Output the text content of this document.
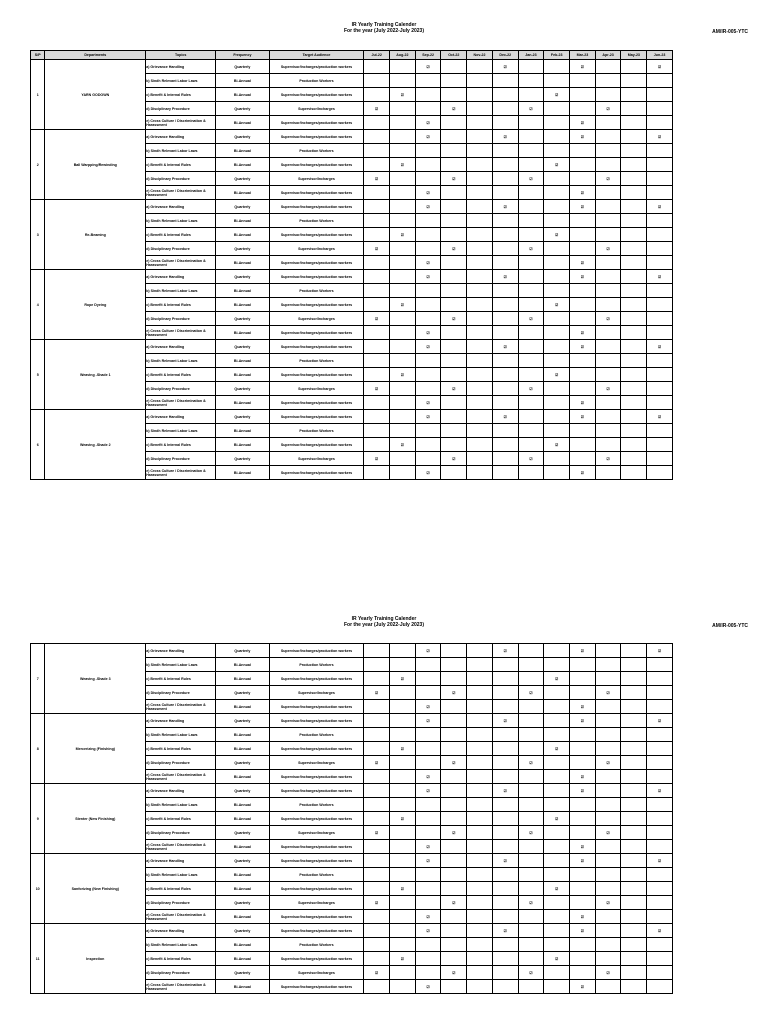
IR Yearly Training Calender
For the year (July 2022-July 2023)	AM/IR-005-YTC
S/P	Departments	Topics	Frequency	Target Audience	Jul-22	Aug-22	Sep-22	Oct-22	Nov-22	Dec-22	Jan-23	Feb-23	Mar-23	Apr-23	May-23	Jun-23
1	YARN GODOWN	a) Grievance Handling	Quarterly	Supervisor/Incharges/production workers			☑			☑			☑			☑
		b) Sindh Relevant Labor Laws	Bi-Annual	Production Workers												
		c) Benefit & Internal Rules	Bi-Annual	Supervisor/Incharges/production workers		☑						☑				
		d) Disciplinary Procedure	Quarterly	Supervisor/Incharges	☑			☑			☑			☑		
		e) Cross Culture / Discrimination & Harassment	Bi-Annual	Supervisor/Incharges/production workers			☑						☑			
2	Ball Warpping/Rewinding	a) Grievance Handling	Quarterly	Supervisor/Incharges/production workers			☑			☑			☑			☑
		b) Sindh Relevant Labor Laws	Bi-Annual	Production Workers												
		c) Benefit & Internal Rules	Bi-Annual	Supervisor/Incharges/production workers		☑						☑				
		d) Disciplinary Procedure	Quarterly	Supervisor/Incharges	☑			☑			☑			☑		
		e) Cross Culture / Discrimination & Harassment	Bi-Annual	Supervisor/Incharges/production workers			☑						☑			
3	Re-Beaming	a) Grievance Handling	Quarterly	Supervisor/Incharges/production workers			☑			☑			☑			☑
		b) Sindh Relevant Labor Laws	Bi-Annual	Production Workers												
		c) Benefit & Internal Rules	Bi-Annual	Supervisor/Incharges/production workers		☑						☑				
		d) Disciplinary Procedure	Quarterly	Supervisor/Incharges	☑			☑			☑			☑		
		e) Cross Culture / Discrimination & Harassment	Bi-Annual	Supervisor/Incharges/production workers			☑						☑			
4	Rope Dyeing	a) Grievance Handling	Quarterly	Supervisor/Incharges/production workers			☑			☑			☑			☑
		b) Sindh Relevant Labor Laws	Bi-Annual	Production Workers												
		c) Benefit & Internal Rules	Bi-Annual	Supervisor/Incharges/production workers		☑						☑				
		d) Disciplinary Procedure	Quarterly	Supervisor/Incharges	☑			☑			☑			☑		
		e) Cross Culture / Discrimination & Harassment	Bi-Annual	Supervisor/Incharges/production workers			☑						☑			
5	Weaving -Shade 1	a) Grievance Handling	Quarterly	Supervisor/Incharges/production workers			☑			☑			☑			☑
		b) Sindh Relevant Labor Laws	Bi-Annual	Production Workers												
		c) Benefit & Internal Rules	Bi-Annual	Supervisor/Incharges/production workers		☑						☑				
		d) Disciplinary Procedure	Quarterly	Supervisor/Incharges	☑			☑			☑			☑		
		e) Cross Culture / Discrimination & Harassment	Bi-Annual	Supervisor/Incharges/production workers			☑						☑			
6	Weaving -Shade 2	a) Grievance Handling	Quarterly	Supervisor/Incharges/production workers			☑			☑			☑			☑
		b) Sindh Relevant Labor Laws	Bi-Annual	Production Workers												
		c) Benefit & Internal Rules	Bi-Annual	Supervisor/Incharges/production workers		☑						☑				
		d) Disciplinary Procedure	Quarterly	Supervisor/Incharges	☑			☑			☑			☑		
		e) Cross Culture / Discrimination & Harassment	Bi-Annual	Supervisor/Incharges/production workers			☑						☑			
IR Yearly Training Calender
For the year (July 2022-July 2023)	AM/IR-005-YTC
7	Weaving -Shade 3	a) Grievance Handling	Quarterly	Supervisor/Incharges/production workers			☑			☑			☑			☑
		b) Sindh Relevant Labor Laws	Bi-Annual	Production Workers												
		c) Benefit & Internal Rules	Bi-Annual	Supervisor/Incharges/production workers		☑						☑				
		d) Disciplinary Procedure	Quarterly	Supervisor/Incharges	☑			☑			☑			☑		
		e) Cross Culture / Discrimination & Harassment	Bi-Annual	Supervisor/Incharges/production workers			☑						☑			
8	Mercerizing (Finishing)	a) Grievance Handling	Quarterly	Supervisor/Incharges/production workers			☑			☑			☑			☑
		b) Sindh Relevant Labor Laws	Bi-Annual	Production Workers												
		c) Benefit & Internal Rules	Bi-Annual	Supervisor/Incharges/production workers		☑						☑				
		d) Disciplinary Procedure	Quarterly	Supervisor/Incharges	☑			☑			☑			☑		
		e) Cross Culture / Discrimination & Harassment	Bi-Annual	Supervisor/Incharges/production workers			☑						☑			
9	Stenter (New Finishing)	a) Grievance Handling	Quarterly	Supervisor/Incharges/production workers			☑			☑			☑			☑
		b) Sindh Relevant Labor Laws	Bi-Annual	Production Workers												
		c) Benefit & Internal Rules	Bi-Annual	Supervisor/Incharges/production workers		☑						☑				
		d) Disciplinary Procedure	Quarterly	Supervisor/Incharges	☑			☑			☑			☑		
		e) Cross Culture / Discrimination & Harassment	Bi-Annual	Supervisor/Incharges/production workers			☑						☑			
10	Sanforizing (New Finishing)	a) Grievance Handling	Quarterly	Supervisor/Incharges/production workers			☑			☑			☑			☑
		b) Sindh Relevant Labor Laws	Bi-Annual	Production Workers												
		c) Benefit & Internal Rules	Bi-Annual	Supervisor/Incharges/production workers		☑						☑				
		d) Disciplinary Procedure	Quarterly	Supervisor/Incharges	☑			☑			☑			☑		
		e) Cross Culture / Discrimination & Harassment	Bi-Annual	Supervisor/Incharges/production workers			☑						☑			
11	Inspection	a) Grievance Handling	Quarterly	Supervisor/Incharges/production workers			☑			☑			☑			☑
		b) Sindh Relevant Labor Laws	Bi-Annual	Production Workers												
		c) Benefit & Internal Rules	Bi-Annual	Supervisor/Incharges/production workers		☑						☑				
		d) Disciplinary Procedure	Quarterly	Supervisor/Incharges	☑			☑			☑			☑		
		e) Cross Culture / Discrimination & Harassment	Bi-Annual	Supervisor/Incharges/production workers			☑						☑			
